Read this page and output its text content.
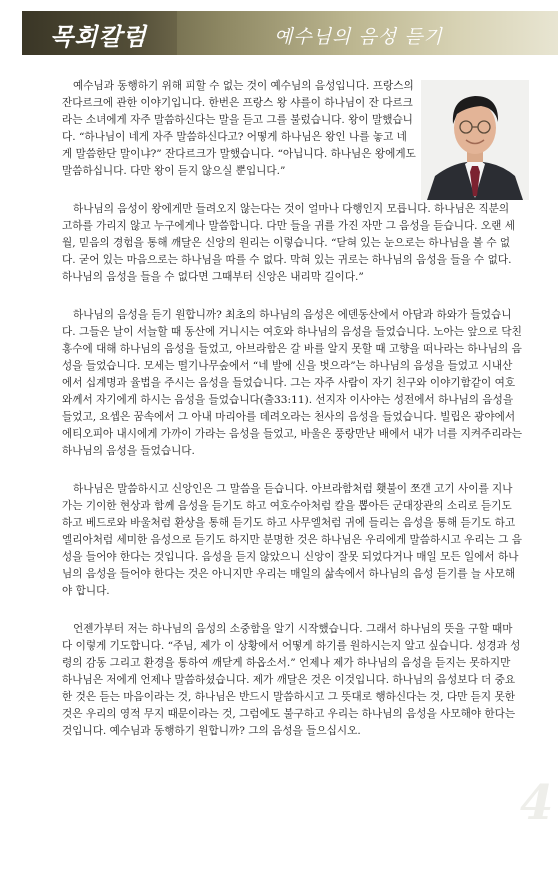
목회칼럼	예수님의 음성 듣기

예수님과 동행하기 위해 피할 수 없는 것이 예수님의 음성입니다. 프랑스의 잔다르크에 관한 이야기입니다. 한번은 프랑스 왕 샤를이 하나님이 잔 다르크라는 소녀에게 자주 말씀하신다는 말을 듣고 그를 불렀습니다. 왕이 말했습니다. “하나님이 네게 자주 말씀하신다고? 어떻게 하나님은 왕인 나를 놓고 네게 말씀한단 말이냐?” 잔다르크가 말했습니다. “아닙니다. 하나님은 왕에게도 말씀하십니다. 다만 왕이 듣지 않으실 뿐입니다.”

하나님의 음성이 왕에게만 들려오지 않는다는 것이 얼마나 다행인지 모릅니다. 하나님은 직분의 고하를 가리지 않고 누구에게나 말씀합니다. 다만 들을 귀를 가진 자만 그 음성을 듣습니다. 오랜 세월, 믿음의 경험을 통해 깨달은 신앙의 원리는 이렇습니다. “닫혀 있는 눈으로는 하나님을 볼 수 없다. 굳어 있는 마음으로는 하나님을 따를 수 없다. 막혀 있는 귀로는 하나님의 음성을 들을 수 없다. 하나님의 음성을 들을 수 없다면 그때부터 신앙은 내리막 길이다.”

하나님의 음성을 듣기 원합니까? 최초의 하나님의 음성은 에덴동산에서 아담과 하와가 들었습니다. 그들은 날이 서늘할 때 동산에 거니시는 여호와 하나님의 음성을 들었습니다. 노아는 앞으로 닥친 홍수에 대해 하나님의 음성을 들었고, 아브라함은 갈 바를 알지 못할 때 고향을 떠나라는 하나님의 음성을 들었습니다. 모세는 떨기나무숲에서 “네 발에 신을 벗으라”는 하나님의 음성을 들었고 시내산에서 십계명과 율법을 주시는 음성을 들었습니다. 그는 자주 사람이 자기 친구와 이야기함같이 여호와께서 자기에게 하시는 음성을 들었습니다(출33:11). 선지자 이사야는 성전에서 하나님의 음성을 들었고, 요셉은 꿈속에서 그 아내 마리아를 데려오라는 천사의 음성을 들었습니다. 빌립은 광야에서 에티오피아 내시에게 가까이 가라는 음성을 들었고, 바울은 풍랑만난 배에서 내가 너를 지켜주리라는 하나님의 음성을 들었습니다.

하나님은 말씀하시고 신앙인은 그 말씀을 듣습니다. 아브라함처럼 횃불이 쪼갠 고기 사이를 지나가는 기이한 현상과 함께 음성을 듣기도 하고 여호수아처럼 칼을 뽑아든 군대장관의 소리로 듣기도 하고 베드로와 바울처럼 환상을 통해 듣기도 하고 사무엘처럼 귀에 들리는 음성을 통해 듣기도 하고 엘리아처럼 세미한 음성으로 듣기도 하지만 분명한 것은 하나님은 우리에게 말씀하시고 우리는 그 음성을 들어야 한다는 것입니다. 음성을 듣지 않았으니 신앙이 잘못 되었다거나 매일 모든 일에서 하나님의 음성을 들어야 한다는 것은 아니지만 우리는 매일의 삶속에서 하나님의 음성 듣기를 늘 사모해야 합니다.

언젠가부터 저는 하나님의 음성의 소중함을 알기 시작했습니다. 그래서 하나님의 뜻을 구할 때마다 이렇게 기도합니다. “주님, 제가 이 상황에서 어떻게 하기를 원하시는지 알고 싶습니다. 성경과 성령의 감동 그리고 환경을 통하여 깨닫게 하옵소서.” 언제나 제가 하나님의 음성을 듣지는 못하지만 하나님은 저에게 언제나 말씀하셨습니다. 제가 깨달은 것은 이것입니다. 하나님의 음성보다 더 중요한 것은 듣는 마음이라는 것, 하나님은 반드시 말씀하시고 그 뜻대로 행하신다는 것, 다만 듣지 못한 것은 우리의 영적 무지 때문이라는 것, 그럼에도 불구하고 우리는 하나님의 음성을 사모해야 한다는 것입니다. 예수님과 동행하기 원합니까? 그의 음성을 들으십시오.

4
